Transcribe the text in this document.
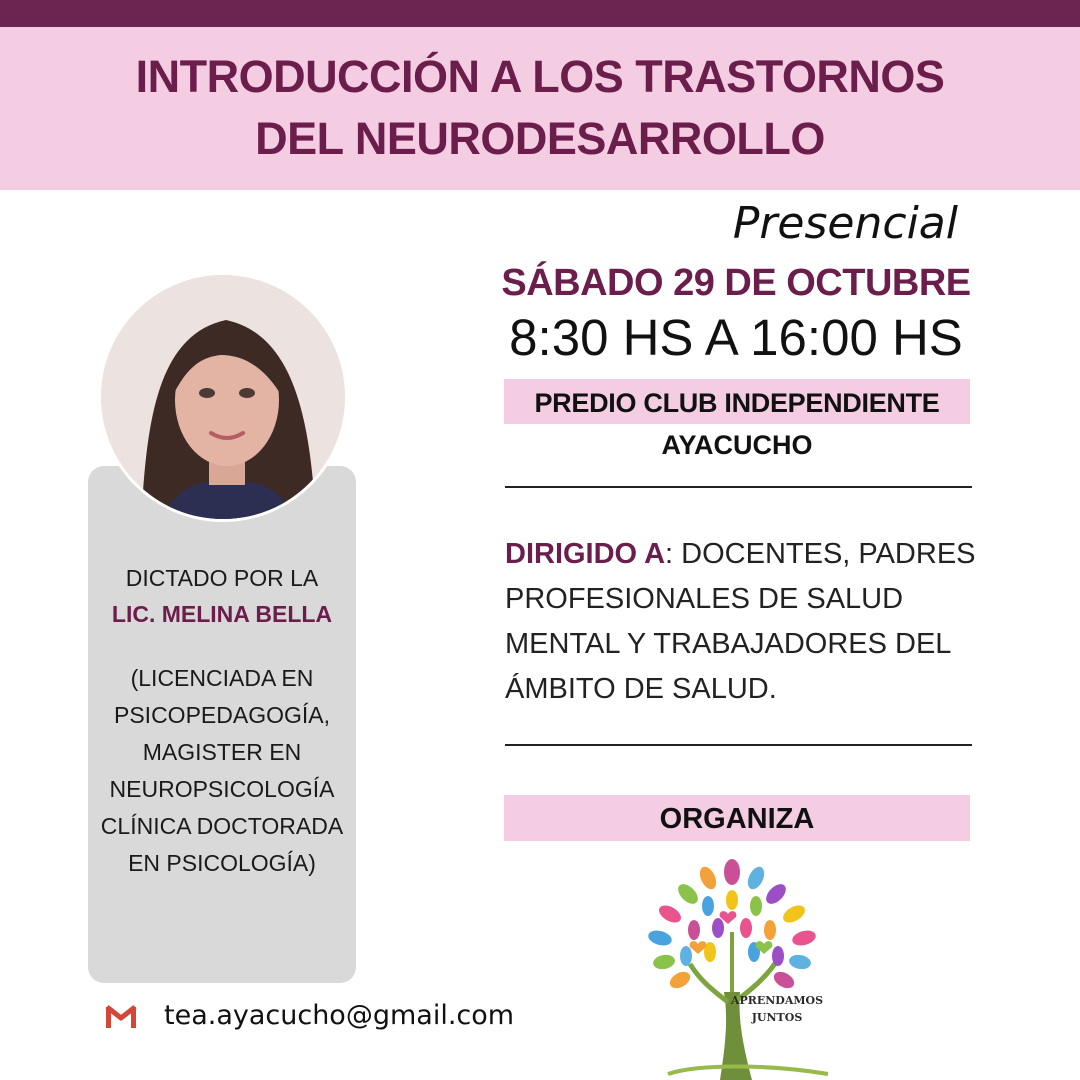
INTRODUCCIÓN A LOS TRASTORNOS
DEL NEURODESARROLLO
Presencial
SÁBADO 29 DE OCTUBRE
8:30 HS A 16:00 HS
PREDIO CLUB INDEPENDIENTE
AYACUCHO
DIRIGIDO A: DOCENTES, PADRES PROFESIONALES DE SALUD MENTAL Y TRABAJADORES DEL ÁMBITO DE SALUD.
ORGANIZA
DICTADO POR LA
LIC. MELINA BELLA
(LICENCIADA EN PSICOPEDAGOGÍA, MAGISTER EN NEUROPSICOLOGÍA CLÍNICA DOCTORADA EN PSICOLOGÍA)
tea.ayacucho@gmail.com	APRENDAMOS
JUNTOS
